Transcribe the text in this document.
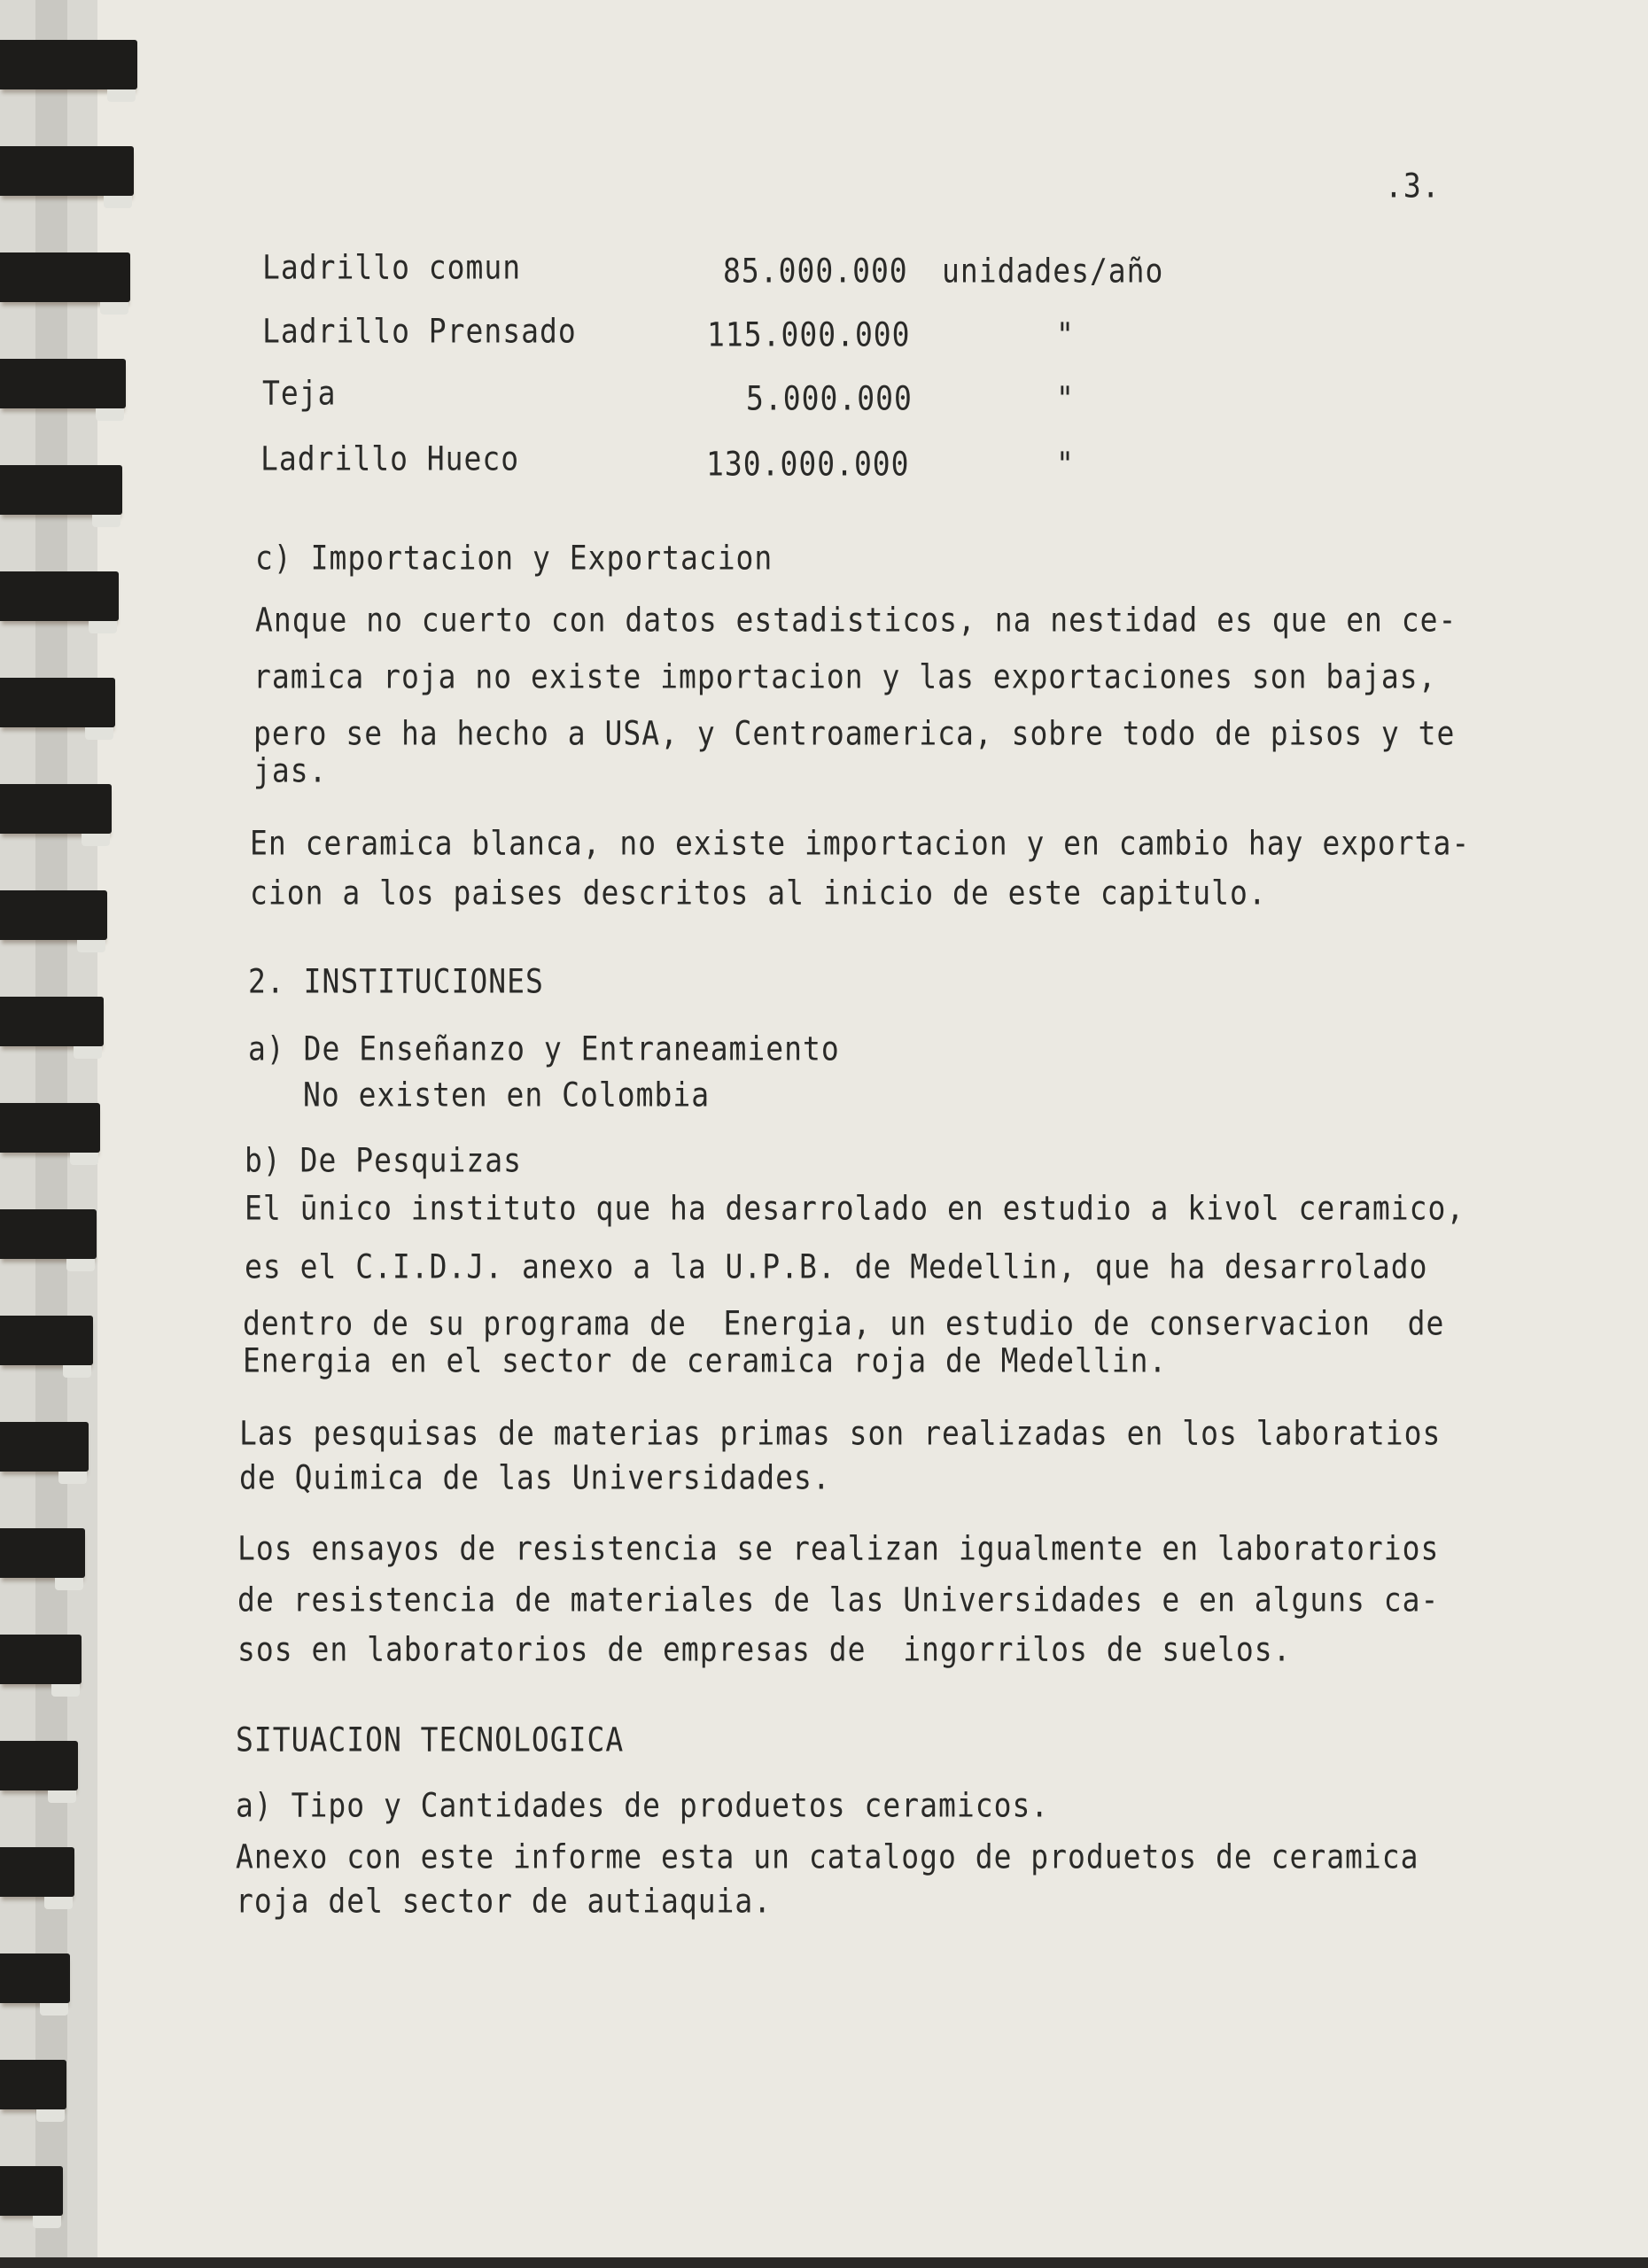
.3.
Ladrillo comun	85.000.000 unidades/año
Ladrillo Prensado	115.000.000	"
Teja	5.000.000	"
Ladrillo Hueco	130.000.000	"
c) Importacion y Exportacion
Anque no cuerto con datos estadisticos, na nestidad es que en ce-
ramica roja no existe importacion y las exportaciones son bajas,
pero se ha hecho a USA, y Centroamerica, sobre todo de pisos y te
jas.
En ceramica blanca, no existe importacion y en cambio hay exporta-
cion a los paises descritos al inicio de este capitulo.
2. INSTITUCIONES
a) De Enseñanzo y Entraneamiento
No existen en Colombia
b) De Pesquizas
El ūnico instituto que ha desarrolado en estudio a kivol ceramico,
es el C.I.D.J. anexo a la U.P.B. de Medellin, que ha desarrolado
dentro de su programa de  Energia, un estudio de conservacion  de
Energia en el sector de ceramica roja de Medellin.
Las pesquisas de materias primas son realizadas en los laboratios
de Quimica de las Universidades.
Los ensayos de resistencia se realizan igualmente en laboratorios
de resistencia de materiales de las Universidades e en alguns ca-
sos en laboratorios de empresas de  ingorrilos de suelos.
SITUACION TECNOLOGICA
a) Tipo y Cantidades de produetos ceramicos.
Anexo con este informe esta un catalogo de produetos de ceramica
roja del sector de autiaquia.
